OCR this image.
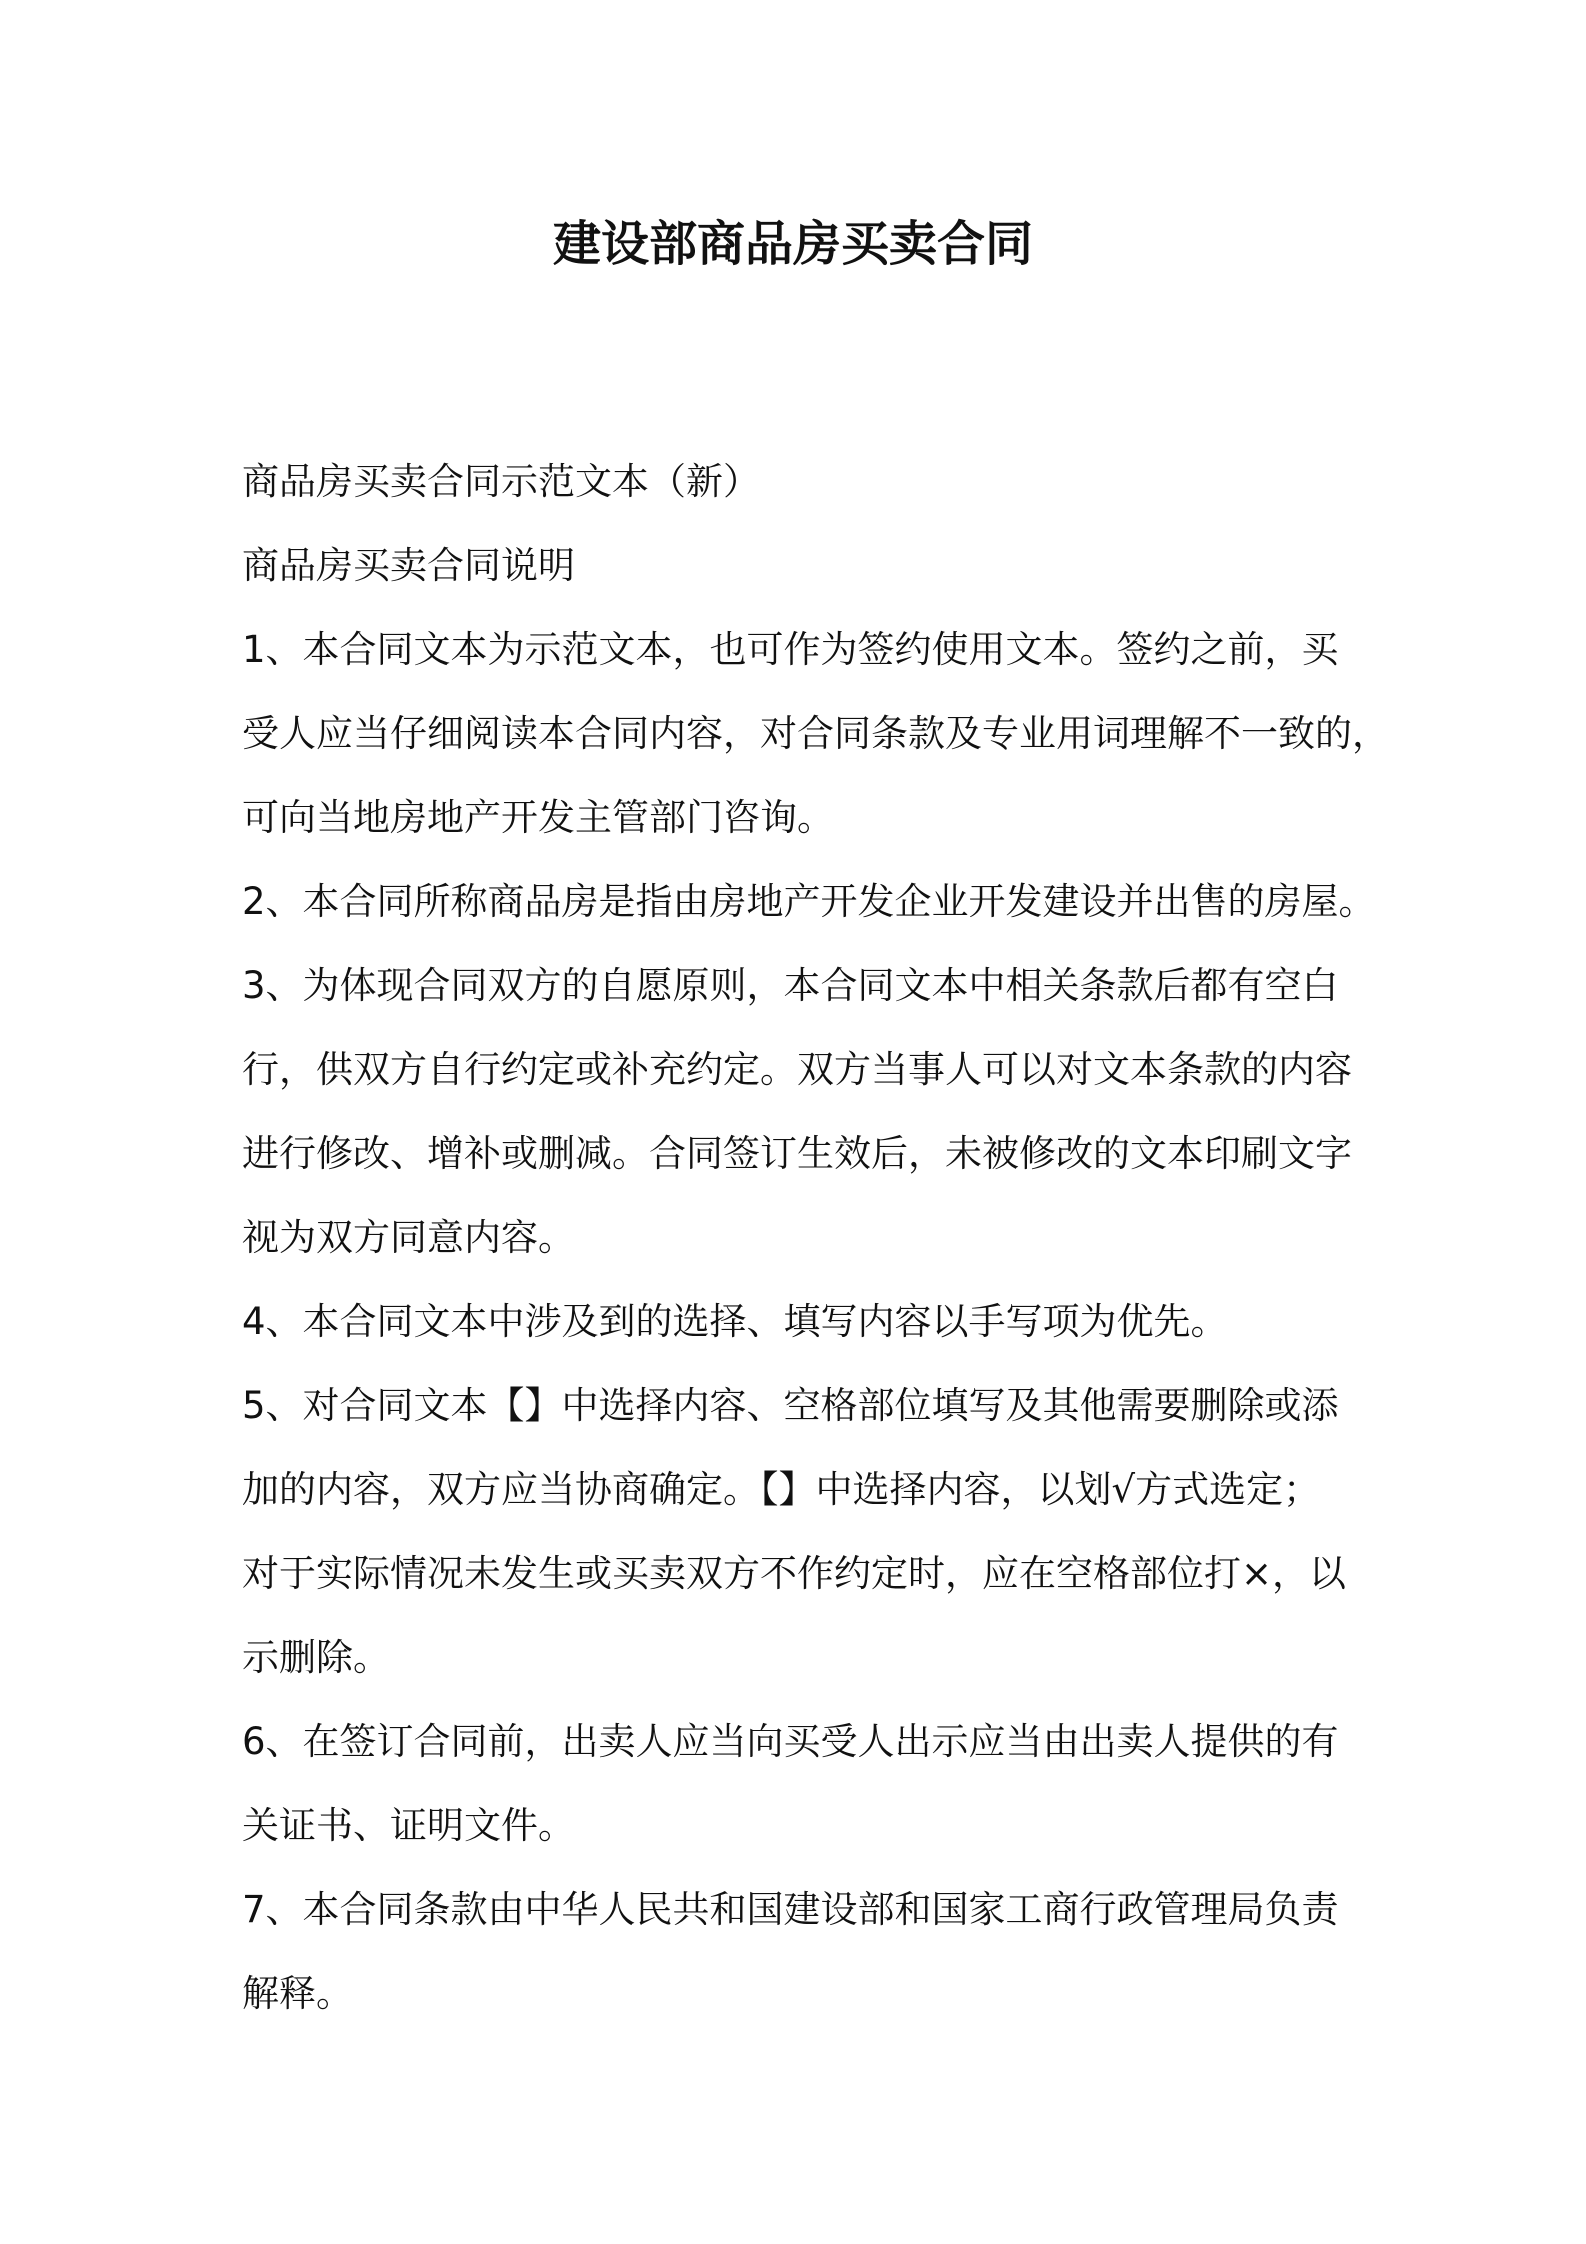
建设部商品房买卖合同
商品房买卖合同示范文本（新）
商品房买卖合同说明
1、本合同文本为示范文本，也可作为签约使用文本。签约之前，买
受人应当仔细阅读本合同内容，对合同条款及专业用词理解不一致的，
可向当地房地产开发主管部门咨询。
2、本合同所称商品房是指由房地产开发企业开发建设并出售的房屋。
3、为体现合同双方的自愿原则，本合同文本中相关条款后都有空白
行，供双方自行约定或补充约定。双方当事人可以对文本条款的内容
进行修改、增补或删减。合同签订生效后，未被修改的文本印刷文字
视为双方同意内容。
4、本合同文本中涉及到的选择、填写内容以手写项为优先。
5、对合同文本【】中选择内容、空格部位填写及其他需要删除或添
加的内容，双方应当协商确定。【】中选择内容，以划√方式选定；
对于实际情况未发生或买卖双方不作约定时，应在空格部位打×，以
示删除。
6、在签订合同前，出卖人应当向买受人出示应当由出卖人提供的有
关证书、证明文件。
7、本合同条款由中华人民共和国建设部和国家工商行政管理局负责
解释。
